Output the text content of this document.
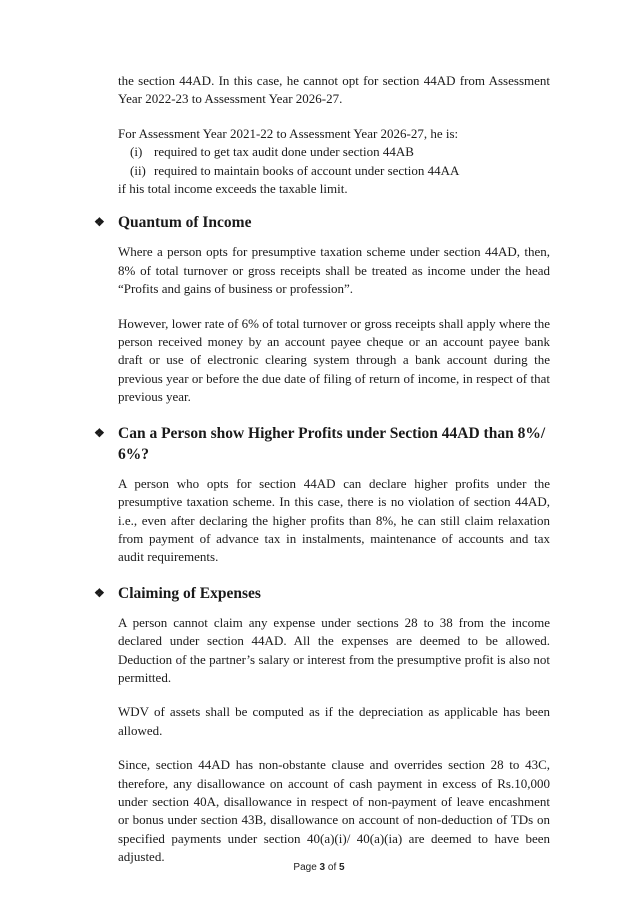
the section 44AD. In this case, he cannot opt for section 44AD from Assessment Year 2022-23 to Assessment Year 2026-27.

For Assessment Year 2021-22 to Assessment Year 2026-27, he is:

(i) required to get tax audit done under section 44AB
(ii) required to maintain books of account under section 44AA

if his total income exceeds the taxable limit.

❖ Quantum of Income

Where a person opts for presumptive taxation scheme under section 44AD, then, 8% of total turnover or gross receipts shall be treated as income under the head “Profits and gains of business or profession”.

However, lower rate of 6% of total turnover or gross receipts shall apply where the person received money by an account payee cheque or an account payee bank draft or use of electronic clearing system through a bank account during the previous year or before the due date of filing of return of income, in respect of that previous year.

❖ Can a Person show Higher Profits under Section 44AD than 8%/ 6%?

A person who opts for section 44AD can declare higher profits under the presumptive taxation scheme. In this case, there is no violation of section 44AD, i.e., even after declaring the higher profits than 8%, he can still claim relaxation from payment of advance tax in instalments, maintenance of accounts and tax audit requirements.

❖ Claiming of Expenses

A person cannot claim any expense under sections 28 to 38 from the income declared under section 44AD. All the expenses are deemed to be allowed. Deduction of the partner’s salary or interest from the presumptive profit is also not permitted.

WDV of assets shall be computed as if the depreciation as applicable has been allowed.

Since, section 44AD has non-obstante clause and overrides section 28 to 43C, therefore, any disallowance on account of cash payment in excess of Rs.10,000 under section 40A, disallowance in respect of non-payment of leave encashment or bonus under section 43B, disallowance on account of non-deduction of TDs on specified payments under section 40(a)(i)/ 40(a)(ia) are deemed to have been adjusted.

Page 3 of 5
